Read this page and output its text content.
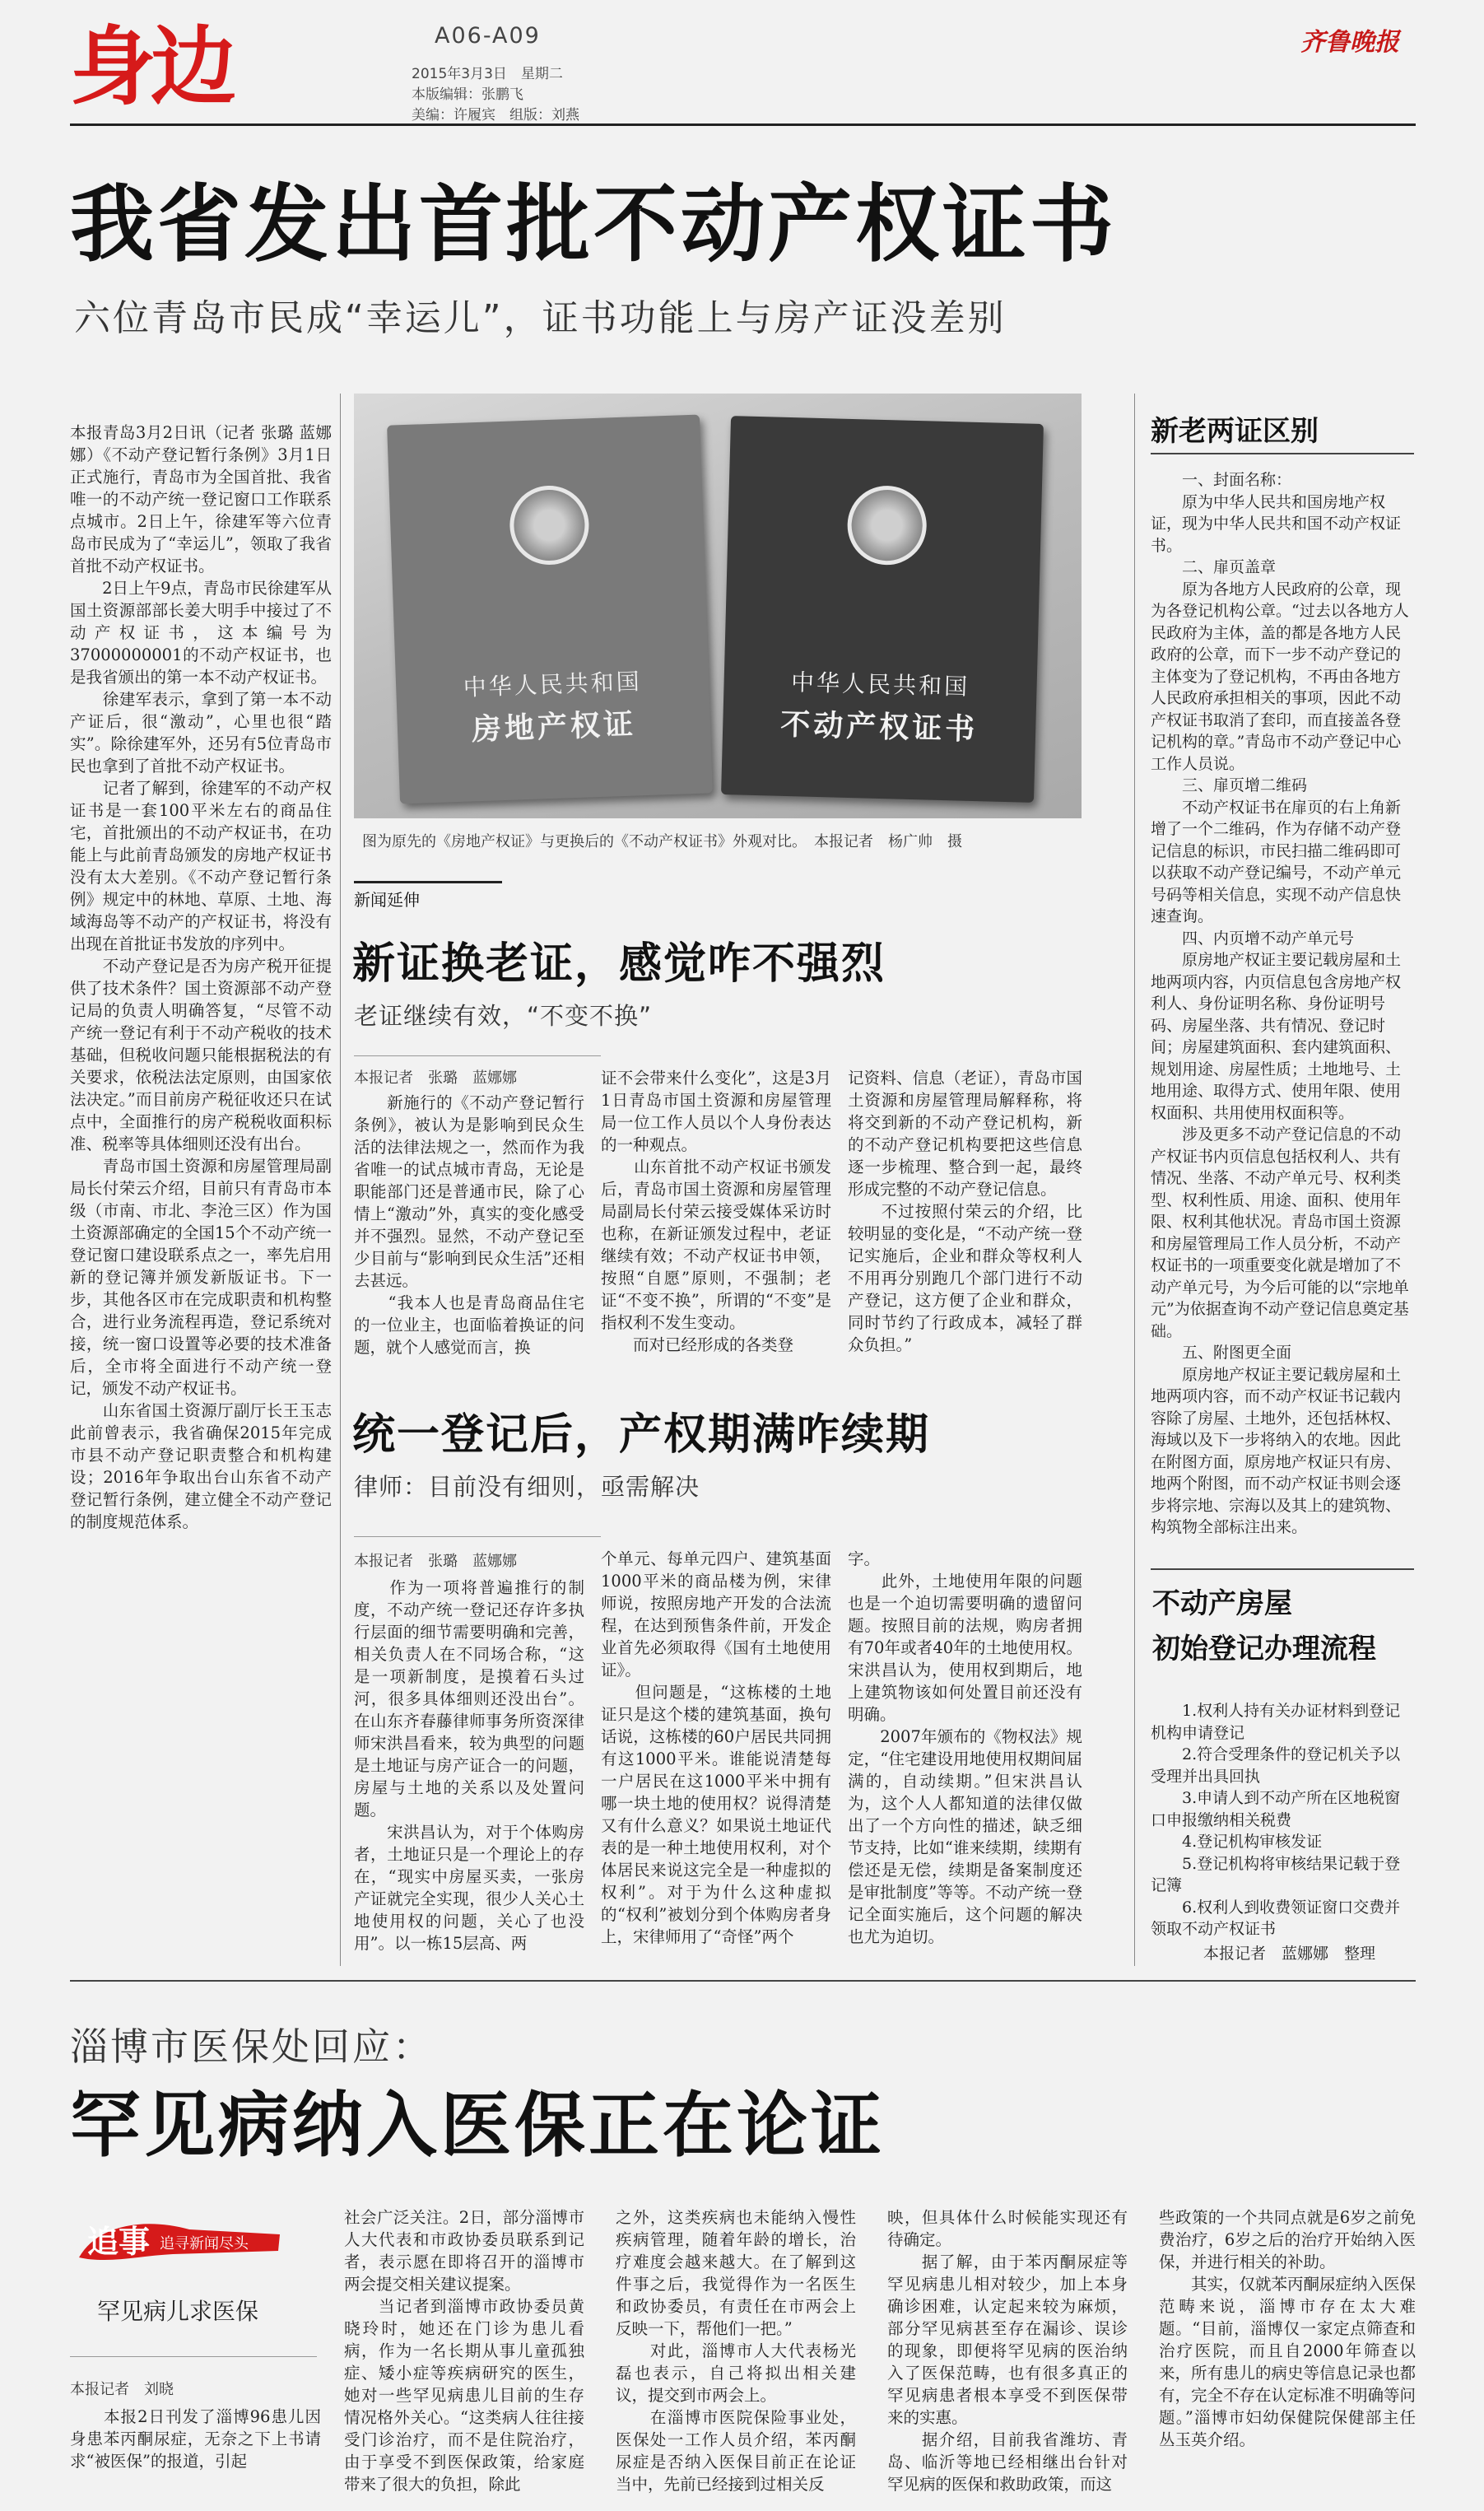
身边	A06-A09
2015年3月3日　星期二
本版编辑：张鹏飞
美编：许履宾　组版：刘燕
齐鲁晚报
我省发出首批不动产权证书
六位青岛市民成“幸运儿”，证书功能上与房产证没差别
本报青岛3月2日讯（记者 张璐 蓝娜娜）《不动产登记暂行条例》3月1日正式施行，青岛市为全国首批、我省唯一的不动产统一登记窗口工作联系点城市。2日上午，徐建军等六位青岛市民成为了“幸运儿”，领取了我省首批不动产权证书。
　　2日上午9点，青岛市民徐建军从国土资源部部长姜大明手中接过了不动产权证书，这本编号为37000000001的不动产权证书，也是我省颁出的第一本不动产权证书。
　　徐建军表示，拿到了第一本不动产证后，很“激动”，心里也很“踏实”。除徐建军外，还另有5位青岛市民也拿到了首批不动产权证书。
　　记者了解到，徐建军的不动产权证书是一套100平米左右的商品住宅，首批颁出的不动产权证书，在功能上与此前青岛颁发的房地产权证书没有太大差别。《不动产登记暂行条例》规定中的林地、草原、土地、海域海岛等不动产的产权证书，将没有出现在首批证书发放的序列中。
　　不动产登记是否为房产税开征提供了技术条件？国土资源部不动产登记局的负责人明确答复，“尽管不动产统一登记有利于不动产税收的技术基础，但税收问题只能根据税法的有关要求，依税法法定原则，由国家依法决定。”而目前房产税征收还只在试点中，全面推行的房产税税收面积标准、税率等具体细则还没有出台。
　　青岛市国土资源和房屋管理局副局长付荣云介绍，目前只有青岛市本级（市南、市北、李沧三区）作为国土资源部确定的全国15个不动产统一登记窗口建设联系点之一，率先启用新的登记簿并颁发新版证书。下一步，其他各区市在完成职责和机构整合，进行业务流程再造，登记系统对接，统一窗口设置等必要的技术准备后，全市将全面进行不动产统一登记，颁发不动产权证书。
　　山东省国土资源厅副厅长王玉志此前曾表示，我省确保2015年完成市县不动产登记职责整合和机构建设；2016年争取出台山东省不动产登记暂行条例，建立健全不动产登记的制度规范体系。
中华人民共和国
房地产权证
中华人民共和国
不动产权证书
图为原先的《房地产权证》与更换后的《不动产权证书》外观对比。　本报记者　杨广帅　摄
新闻延伸
新证换老证，感觉咋不强烈
老证继续有效，“不变不换”
本报记者　张璐　蓝娜娜
　　新施行的《不动产登记暂行条例》，被认为是影响到民众生活的法律法规之一，然而作为我省唯一的试点城市青岛，无论是职能部门还是普通市民，除了心情上“激动”外，真实的变化感受并不强烈。显然，不动产登记至少目前与“影响到民众生活”还相去甚远。
　　“我本人也是青岛商品住宅的一位业主，也面临着换证的问题，就个人感觉而言，换
证不会带来什么变化”，这是3月1日青岛市国土资源和房屋管理局一位工作人员以个人身份表达的一种观点。
　　山东首批不动产权证书颁发后，青岛市国土资源和房屋管理局副局长付荣云接受媒体采访时也称，在新证颁发过程中，老证继续有效；不动产权证书申领，按照“自愿”原则，不强制；老证“不变不换”，所谓的“不变”是指权利不发生变动。
　　而对已经形成的各类登
记资料、信息（老证），青岛市国土资源和房屋管理局解释称，将将交到新的不动产登记机构，新的不动产登记机构要把这些信息逐一步梳理、整合到一起，最终形成完整的不动产登记信息。
　　不过按照付荣云的介绍，比较明显的变化是，“不动产统一登记实施后，企业和群众等权利人不用再分别跑几个部门进行不动产登记，这方便了企业和群众，同时节约了行政成本，减轻了群众负担。”
统一登记后，产权期满咋续期
律师：目前没有细则，亟需解决
本报记者　张璐　蓝娜娜
　　作为一项将普遍推行的制度，不动产统一登记还存许多执行层面的细节需要明确和完善，相关负责人在不同场合称，“这是一项新制度，是摸着石头过河，很多具体细则还没出台”。在山东齐春藤律师事务所资深律师宋洪昌看来，较为典型的问题是土地证与房产证合一的问题，房屋与土地的关系以及处置问题。
　　宋洪昌认为，对于个体购房者，土地证只是一个理论上的存在，“现实中房屋买卖，一张房产证就完全实现，很少人关心土地使用权的问题，关心了也没用”。以一栋15层高、两
个单元、每单元四户、建筑基面1000平米的商品楼为例，宋律师说，按照房地产开发的合法流程，在达到预售条件前，开发企业首先必须取得《国有土地使用证》。
　　但问题是，“这栋楼的土地证只是这个楼的建筑基面，换句话说，这栋楼的60户居民共同拥有这1000平米。谁能说清楚每一户居民在这1000平米中拥有哪一块土地的使用权？说得清楚又有什么意义？如果说土地证代表的是一种土地使用权利，对个体居民来说这完全是一种虚拟的权利”。对于为什么这种虚拟的“权利”被划分到个体购房者身上，宋律师用了“奇怪”两个
字。
　　此外，土地使用年限的问题也是一个迫切需要明确的遗留问题。按照目前的法规，购房者拥有70年或者40年的土地使用权。宋洪昌认为，使用权到期后，地上建筑物该如何处置目前还没有明确。
　　2007年颁布的《物权法》规定，“住宅建设用地使用权期间届满的，自动续期。”但宋洪昌认为，这个人人都知道的法律仅做出了一个方向性的描述，缺乏细节支持，比如“谁来续期，续期有偿还是无偿，续期是备案制度还是审批制度”等等。不动产统一登记全面实施后，这个问题的解决也尤为迫切。
新老两证区别
　　一、封面名称：
　　原为中华人民共和国房地产权证，现为中华人民共和国不动产权证书。
　　二、扉页盖章
　　原为各地方人民政府的公章，现为各登记机构公章。“过去以各地方人民政府为主体，盖的都是各地方人民政府的公章，而下一步不动产登记的主体变为了登记机构，不再由各地方人民政府承担相关的事项，因此不动产权证书取消了套印，而直接盖各登记机构的章。”青岛市不动产登记中心工作人员说。
　　三、扉页增二维码
　　不动产权证书在扉页的右上角新增了一个二维码，作为存储不动产登记信息的标识，市民扫描二维码即可以获取不动产登记编号，不动产单元号码等相关信息，实现不动产信息快速查询。
　　四、内页增不动产单元号
　　原房地产权证主要记载房屋和土地两项内容，内页信息包含房地产权利人、身份证明名称、身份证明号码、房屋坐落、共有情况、登记时间；房屋建筑面积、套内建筑面积、规划用途、房屋性质；土地地号、土地用途、取得方式、使用年限、使用权面积、共用使用权面积等。
　　涉及更多不动产登记信息的不动产权证书内页信息包括权利人、共有情况、坐落、不动产单元号、权利类型、权利性质、用途、面积、使用年限、权利其他状况。青岛市国土资源和房屋管理局工作人员分析，不动产权证书的一项重要变化就是增加了不动产单元号，为今后可能的以“宗地单元”为依据查询不动产登记信息奠定基础。
　　五、附图更全面
　　原房地产权证主要记载房屋和土地两项内容，而不动产权证书记载内容除了房屋、土地外，还包括林权、海域以及下一步将纳入的农地。因此在附图方面，原房地产权证只有房、地两个附图，而不动产权证书则会逐步将宗地、宗海以及其上的建筑物、构筑物全部标注出来。
不动产房屋
初始登记办理流程
　　1.权利人持有关办证材料到登记机构申请登记
　　2.符合受理条件的登记机关予以受理并出具回执
　　3.申请人到不动产所在区地税窗口申报缴纳相关税费
　　4.登记机构审核发证
　　5.登记机构将审核结果记载于登记簿
　　6.权利人到收费领证窗口交费并领取不动产权证书
本报记者　蓝娜娜　整理
淄博市医保处回应：
罕见病纳入医保正在论证
追事 追寻新闻尽头
罕见病儿求医保
本报记者　刘晓
　　本报2日刊发了淄博96患儿因身患苯丙酮尿症，无奈之下上书请求“被医保”的报道，引起
社会广泛关注。2日，部分淄博市人大代表和市政协委员联系到记者，表示愿在即将召开的淄博市两会提交相关建议提案。
　　当记者到淄博市政协委员黄晓玲时，她还在门诊为患儿看病，作为一名长期从事儿童孤独症、矮小症等疾病研究的医生，她对一些罕见病患儿目前的生存情况格外关心。“这类病人往往接受门诊治疗，而不是住院治疗，由于享受不到医保政策，给家庭带来了很大的负担，除此
之外，这类疾病也未能纳入慢性疾病管理，随着年龄的增长，治疗难度会越来越大。在了解到这件事之后，我觉得作为一名医生和政协委员，有责任在市两会上反映一下，帮他们一把。”
　　对此，淄博市人大代表杨光磊也表示，自己将拟出相关建议，提交到市两会上。
　　在淄博市医院保险事业处，医保处一工作人员介绍，苯丙酮尿症是否纳入医保目前正在论证当中，先前已经接到过相关反
映，但具体什么时候能实现还有待确定。
　　据了解，由于苯丙酮尿症等罕见病患儿相对较少，加上本身确诊困难，认定起来较为麻烦，部分罕见病甚至存在漏诊、误诊的现象，即便将罕见病的医治纳入了医保范畴，也有很多真正的罕见病患者根本享受不到医保带来的实惠。
　　据介绍，目前我省潍坊、青岛、临沂等地已经相继出台针对罕见病的医保和救助政策，而这
些政策的一个共同点就是6岁之前免费治疗，6岁之后的治疗开始纳入医保，并进行相关的补助。
　　其实，仅就苯丙酮尿症纳入医保范畴来说，淄博市存在太大难题。“目前，淄博仅一家定点筛查和治疗医院，而且自2000年筛查以来，所有患儿的病史等信息记录也都有，完全不存在认定标准不明确等问题。”淄博市妇幼保健院保健部主任丛玉英介绍。
